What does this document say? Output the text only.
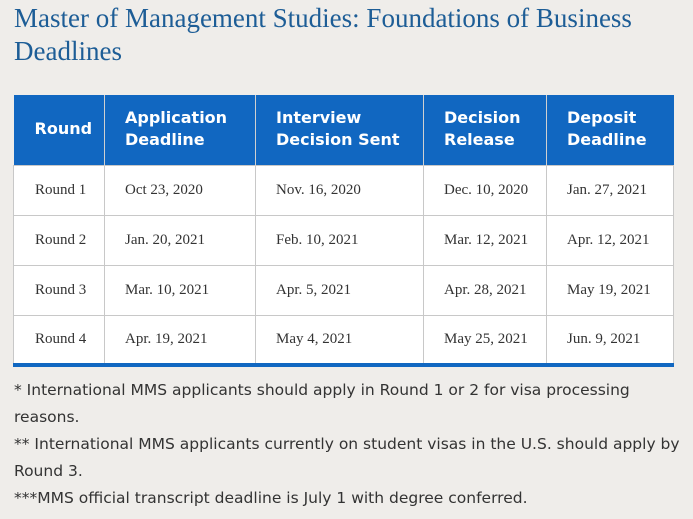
Master of Management Studies: Foundations of Business Deadlines
Round	Application Deadline	Interview Decision Sent	Decision Release	Deposit Deadline
Round 1	Oct 23, 2020	Nov. 16, 2020	Dec. 10, 2020	Jan. 27, 2021
Round 2	Jan. 20, 2021	Feb. 10, 2021	Mar. 12, 2021	Apr. 12, 2021
Round 3	Mar. 10, 2021	Apr. 5, 2021	Apr. 28, 2021	May 19, 2021
Round 4	Apr. 19, 2021	May 4, 2021	May 25, 2021	Jun. 9, 2021

* International MMS applicants should apply in Round 1 or 2 for visa processing reasons.

** International MMS applicants currently on student visas in the U.S. should apply by Round 3.

***MMS official transcript deadline is July 1 with degree conferred.
